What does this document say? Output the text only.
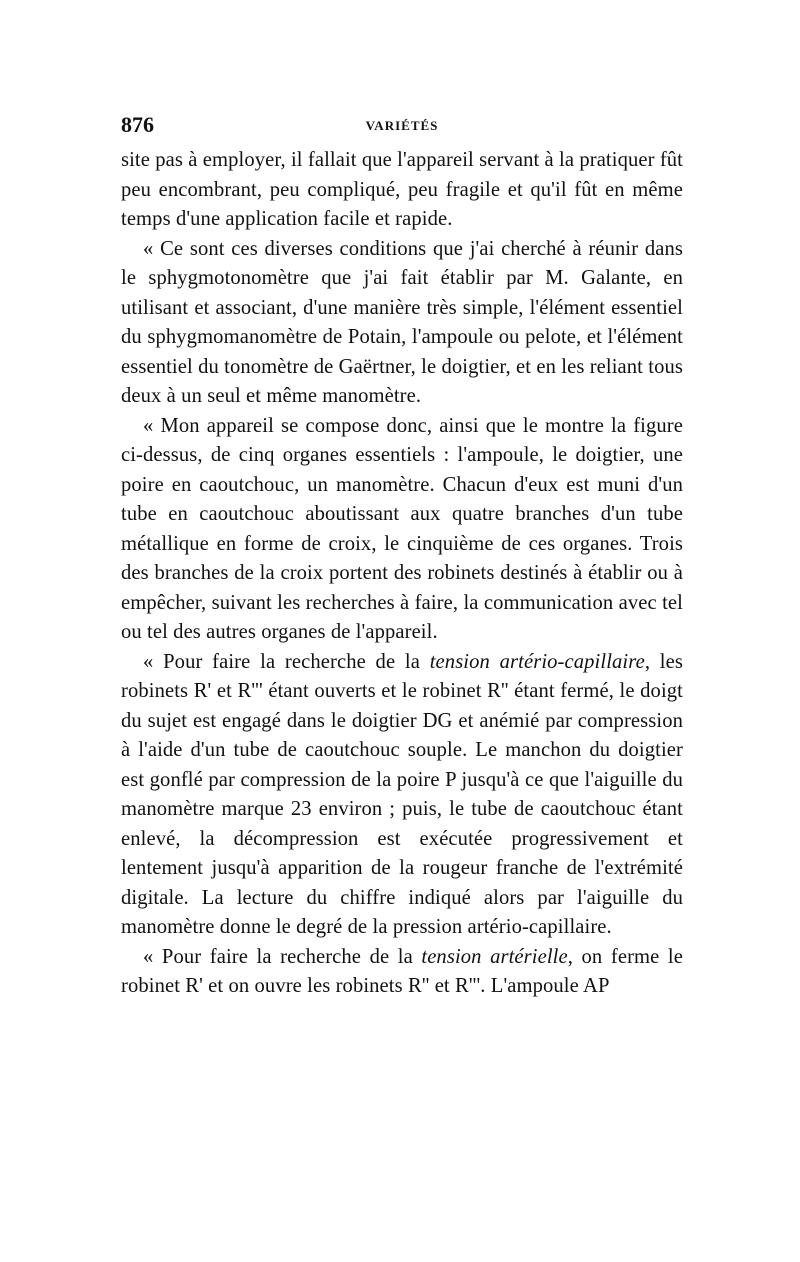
876	VARIÉTÉS

site pas à employer, il fallait que l'appareil servant à la pratiquer fût peu encombrant, peu compliqué, peu fragile et qu'il fût en même temps d'une application facile et rapide.

« Ce sont ces diverses conditions que j'ai cherché à réunir dans le sphygmotonomètre que j'ai fait établir par M. Galante, en utilisant et associant, d'une manière très simple, l'élément essentiel du sphygmomanomètre de Potain, l'ampoule ou pelote, et l'élément essentiel du tonomètre de Gaërtner, le doigtier, et en les reliant tous deux à un seul et même manomètre.

« Mon appareil se compose donc, ainsi que le montre la figure ci-dessus, de cinq organes essentiels : l'ampoule, le doigtier, une poire en caoutchouc, un manomètre. Chacun d'eux est muni d'un tube en caoutchouc aboutissant aux quatre branches d'un tube métallique en forme de croix, le cinquième de ces organes. Trois des branches de la croix portent des robinets destinés à établir ou à empêcher, suivant les recherches à faire, la communication avec tel ou tel des autres organes de l'appareil.

« Pour faire la recherche de la tension artério-capillaire, les robinets R' et R''' étant ouverts et le robinet R'' étant fermé, le doigt du sujet est engagé dans le doigtier DG et anémié par compression à l'aide d'un tube de caoutchouc souple. Le manchon du doigtier est gonflé par compression de la poire P jusqu'à ce que l'aiguille du manomètre marque 23 environ ; puis, le tube de caoutchouc étant enlevé, la décompression est exécutée progressivement et lentement jusqu'à apparition de la rougeur franche de l'extrémité digitale. La lecture du chiffre indiqué alors par l'aiguille du manomètre donne le degré de la pression artério-capillaire.

« Pour faire la recherche de la tension artérielle, on ferme le robinet R' et on ouvre les robinets R'' et R'''. L'ampoule AP
